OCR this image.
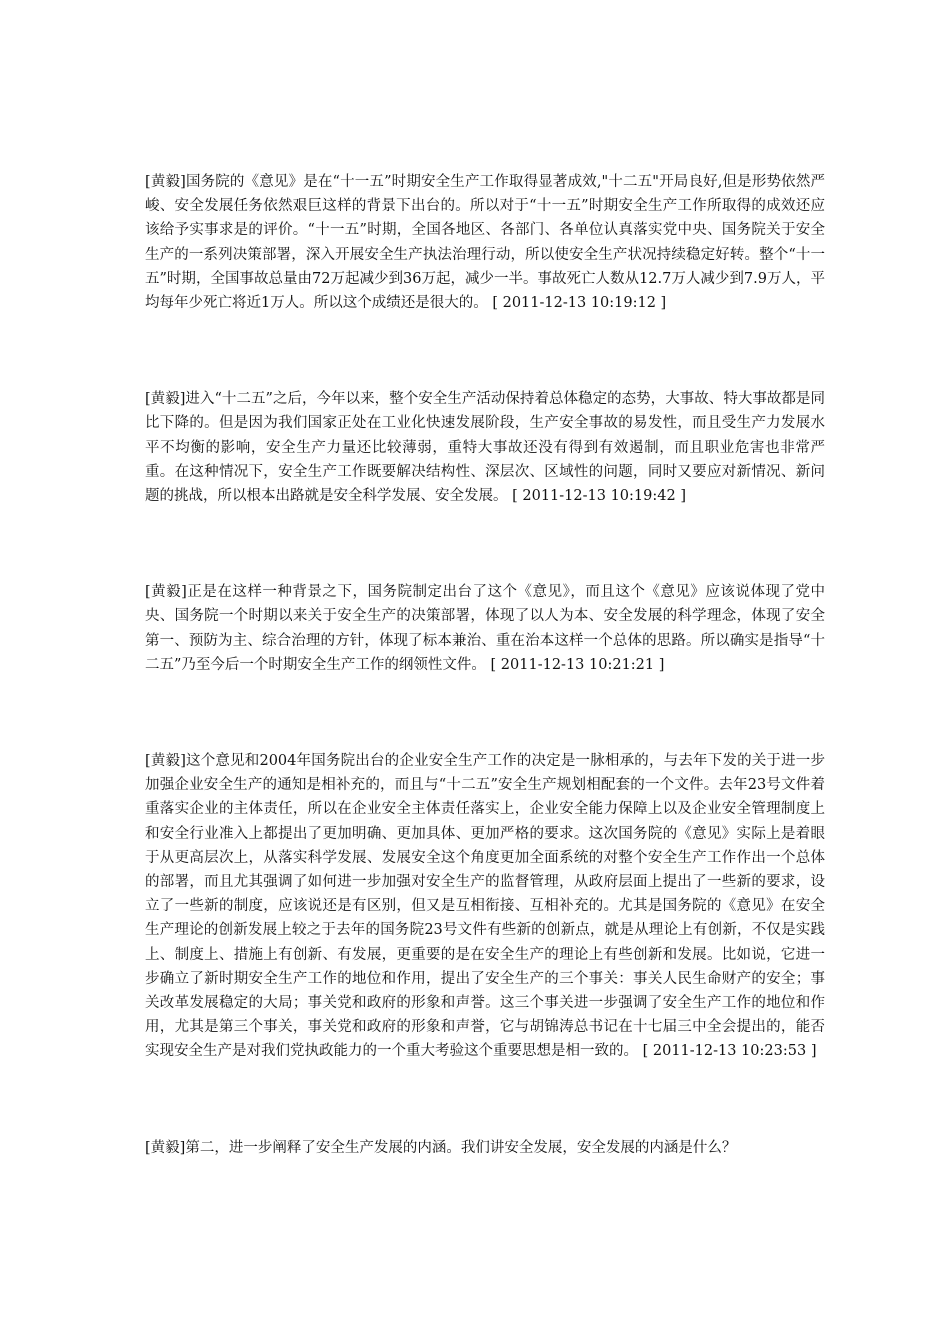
[黄毅]国务院的《意见》是在“十一五”时期安全生产工作取得显著成效,"十二五"开局良好,但是形势依然严峻、安全发展任务依然艰巨这样的背景下出台的。所以对于“十一五”时期安全生产工作所取得的成效还应该给予实事求是的评价。“十一五”时期，全国各地区、各部门、各单位认真落实党中央、国务院关于安全生产的一系列决策部署，深入开展安全生产执法治理行动，所以使安全生产状况持续稳定好转。整个“十一五”时期，全国事故总量由72万起减少到36万起，减少一半。事故死亡人数从12.7万人减少到7.9万人，平均每年少死亡将近1万人。所以这个成绩还是很大的。 [ 2011-12-13 10:19:12 ]

[黄毅]进入“十二五”之后，今年以来，整个安全生产活动保持着总体稳定的态势，大事故、特大事故都是同比下降的。但是因为我们国家正处在工业化快速发展阶段，生产安全事故的易发性，而且受生产力发展水平不均衡的影响，安全生产力量还比较薄弱，重特大事故还没有得到有效遏制，而且职业危害也非常严重。在这种情况下，安全生产工作既要解决结构性、深层次、区域性的问题，同时又要应对新情况、新问题的挑战，所以根本出路就是安全科学发展、安全发展。 [ 2011-12-13 10:19:42 ]

[黄毅]正是在这样一种背景之下，国务院制定出台了这个《意见》，而且这个《意见》应该说体现了党中央、国务院一个时期以来关于安全生产的决策部署，体现了以人为本、安全发展的科学理念，体现了安全第一、预防为主、综合治理的方针，体现了标本兼治、重在治本这样一个总体的思路。所以确实是指导“十二五”乃至今后一个时期安全生产工作的纲领性文件。 [ 2011-12-13 10:21:21 ]

[黄毅]这个意见和2004年国务院出台的企业安全生产工作的决定是一脉相承的，与去年下发的关于进一步加强企业安全生产的通知是相补充的，而且与“十二五”安全生产规划相配套的一个文件。去年23号文件着重落实企业的主体责任，所以在企业安全主体责任落实上，企业安全能力保障上以及企业安全管理制度上和安全行业准入上都提出了更加明确、更加具体、更加严格的要求。这次国务院的《意见》实际上是着眼于从更高层次上，从落实科学发展、发展安全这个角度更加全面系统的对整个安全生产工作作出一个总体的部署，而且尤其强调了如何进一步加强对安全生产的监督管理，从政府层面上提出了一些新的要求，设立了一些新的制度，应该说还是有区别，但又是互相衔接、互相补充的。尤其是国务院的《意见》在安全生产理论的创新发展上较之于去年的国务院23号文件有些新的创新点，就是从理论上有创新，不仅是实践上、制度上、措施上有创新、有发展，更重要的是在安全生产的理论上有些创新和发展。比如说，它进一步确立了新时期安全生产工作的地位和作用，提出了安全生产的三个事关：事关人民生命财产的安全；事关改革发展稳定的大局；事关党和政府的形象和声誉。这三个事关进一步强调了安全生产工作的地位和作用，尤其是第三个事关，事关党和政府的形象和声誉，它与胡锦涛总书记在十七届三中全会提出的，能否实现安全生产是对我们党执政能力的一个重大考验这个重要思想是相一致的。 [ 2011-12-13 10:23:53 ]

[黄毅]第二，进一步阐释了安全生产发展的内涵。我们讲安全发展，安全发展的内涵是什么？
